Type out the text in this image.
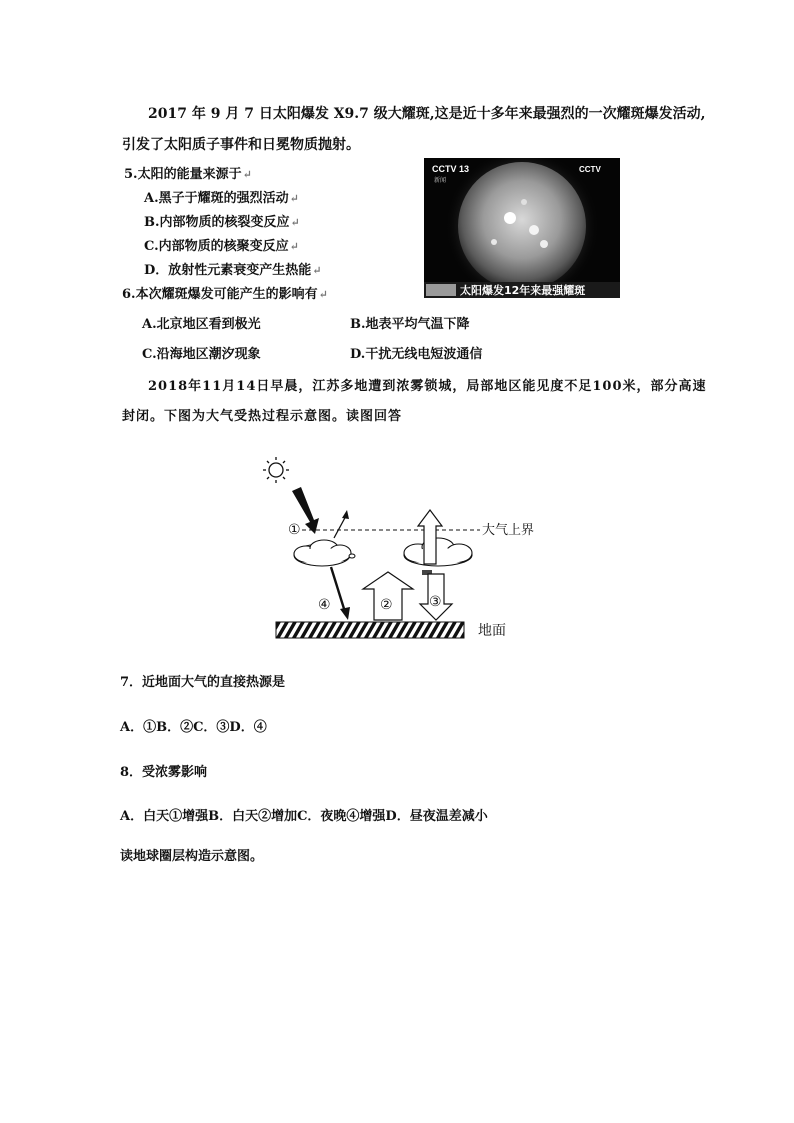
2017 年 9 月 7 日太阳爆发 X9.7 级大耀斑,这是近十多年来最强烈的一次耀斑爆发活动,
引发了太阳质子事件和日冕物质抛射。
5.太阳的能量来源于↵
A.黑子于耀斑的强烈活动↵
B.内部物质的核裂变反应↵
C.内部物质的核聚变反应↵
D．放射性元素衰变产生热能↵
6.本次耀斑爆发可能产生的影响有↵
A.北京地区看到极光	B.地表平均气温下降
C.沿海地区潮汐现象	D.干扰无线电短波通信
CCTV 13
新闻
CCTV
太阳爆发12年来最强耀斑
2018年11月14日早晨，江苏多地遭到浓雾锁城，局部地区能见度不足100米，部分高速
封闭。下图为大气受热过程示意图。读图回答
大气上界
①
②	③
④
地面
7．近地面大气的直接热源是
A．①B．②C．③D．④
8．受浓雾影响
A．白天①增强B．白天②增加C．夜晚④增强D．昼夜温差减小
读地球圈层构造示意图。
